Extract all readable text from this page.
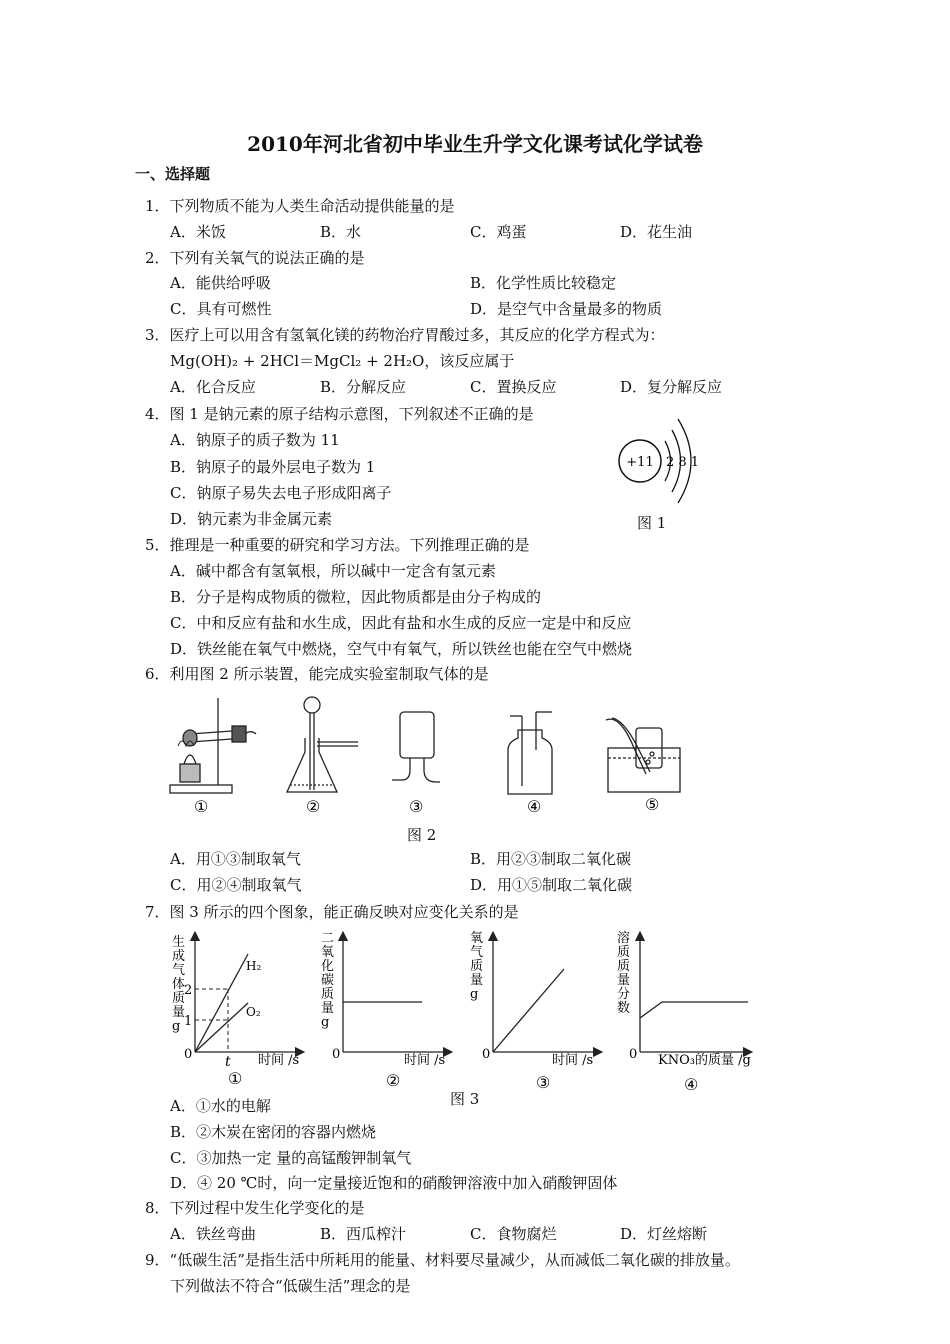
2010年河北省初中毕业生升学文化课考试化学试卷
一、选择题
1．下列物质不能为人类生命活动提供能量的是
A．米饭	B．水	C．鸡蛋	D．花生油
2．下列有关氧气的说法正确的是
A．能供给呼吸	B．化学性质比较稳定
C．具有可燃性	D．是空气中含量最多的物质
3．医疗上可以用含有氢氧化镁的药物治疗胃酸过多，其反应的化学方程式为：
Mg(OH)₂ + 2HCl＝MgCl₂ + 2H₂O，该反应属于
A．化合反应	B．分解反应	C．置换反应	D．复分解反应
4．图 1 是钠元素的原子结构示意图，下列叙述不正确的是
A．钠原子的质子数为 11
B．钠原子的最外层电子数为 1
C．钠原子易失去电子形成阳离子
D．钠元素为非金属元素
+11 2 8 1
图 1
5．推理是一种重要的研究和学习方法。下列推理正确的是
A．碱中都含有氢氧根，所以碱中一定含有氢元素
B．分子是构成物质的微粒，因此物质都是由分子构成的
C．中和反应有盐和水生成，因此有盐和水生成的反应一定是中和反应
D．铁丝能在氧气中燃烧，空气中有氧气，所以铁丝也能在空气中燃烧
6．利用图 2 所示装置，能完成实验室制取气体的是
①	②	③	④	⑤
图 2
A．用①③制取氧气	B．用②③制取二氧化碳
C．用②④制取氧气	D．用①⑤制取二氧化碳
7．图 3 所示的四个图象，能正确反映对应变化关系的是
生
成
气
体
质
量
g
H₂
O₂
2
1
0 t 时间 /s
①
二
氧
化
碳
质
量
g
0	时间 /s
②
氧
气
质
量
g
0	时间 /s
③
溶
质
质
量
分
数
0 KNO₃的质量 /g
④
图 3
A．①水的电解
B．②木炭在密闭的容器内燃烧
C．③加热一定 量的高锰酸钾制氧气
D．④ 20 ℃时，向一定量接近饱和的硝酸钾溶液中加入硝酸钾固体
8．下列过程中发生化学变化的是
A．铁丝弯曲	B．西瓜榨汁	C．食物腐烂	D．灯丝熔断
9．“低碳生活”是指生活中所耗用的能量、材料要尽量减少，从而减低二氧化碳的排放量。
下列做法不符合“低碳生活”理念的是
